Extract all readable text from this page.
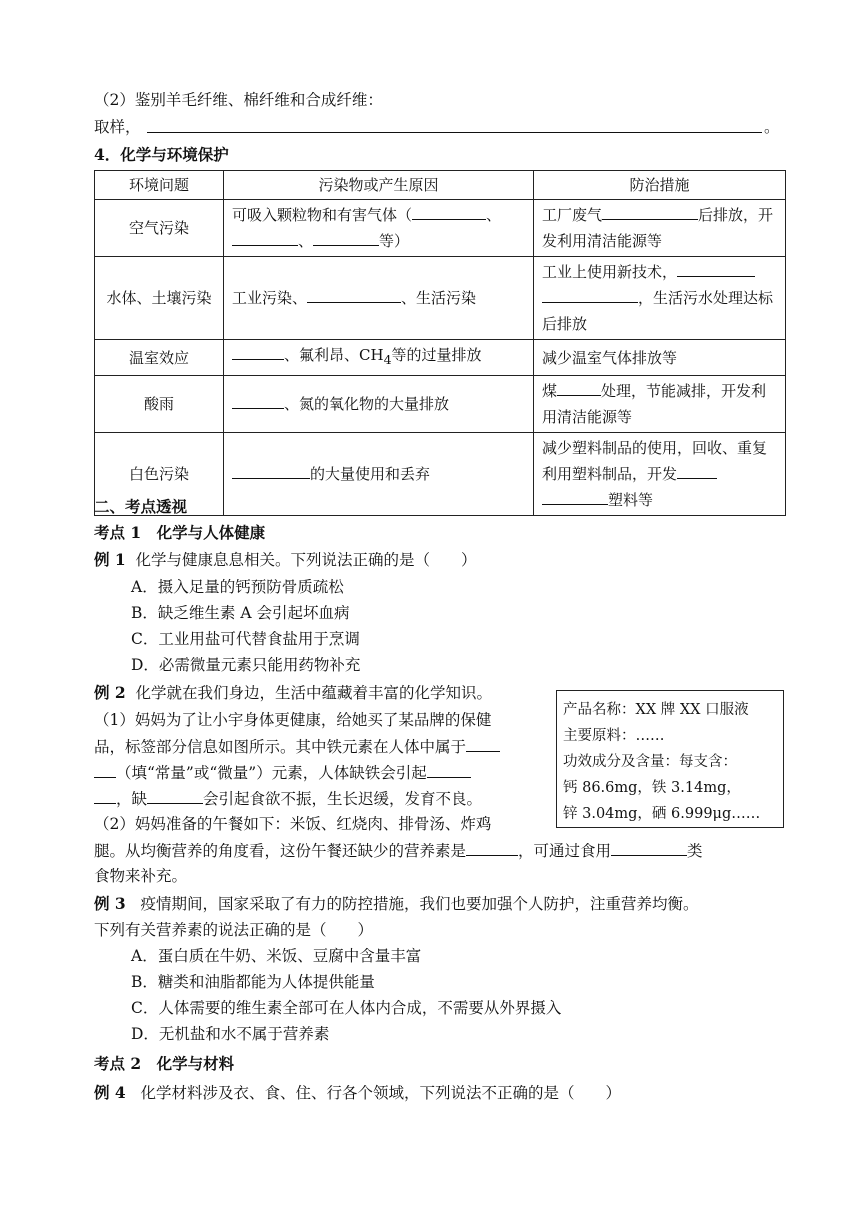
（2）鉴别羊毛纤维、棉纤维和合成纤维：
取样，	。
4．化学与环境保护
环境问题	污染物或产生原因	防治措施
空气污染	可吸入颗粒物和有害气体（ 、
、 等）	工厂废气 后排放，开发利用清洁能源等
水体、土壤污染	工业污染、 、生活污染	工业上使用新技术，
，生活污水处理达标后排放
温室效应	、氟利昂、$CH_4$等的过量排放	减少温室气体排放等
酸雨	、氮的氧化物的大量排放	煤 处理，节能减排，开发利用清洁能源等
白色污染	的大量使用和丢弃	减少塑料制品的使用，回收、重复利用塑料制品，开发塑料等
二、考点透视
考点 1　化学与人体健康
例 1 化学与健康息息相关。下列说法正确的是（　　）
A．摄入足量的钙预防骨质疏松
B．缺乏维生素 A 会引起坏血病
C．工业用盐可代替食盐用于烹调
D．必需微量元素只能用药物补充
例 2 化学就在我们身边，生活中蕴藏着丰富的化学知识。
（1）妈妈为了让小宇身体更健康，给她买了某品牌的保健
品，标签部分信息如图所示。其中铁元素在人体中属于
（填“常量”或“微量”）元素，人体缺铁会引起
，缺	会引起食欲不振，生长迟缓，发育不良。
（2）妈妈准备的午餐如下：米饭、红烧肉、排骨汤、炸鸡
腿。从均衡营养的角度看，这份午餐还缺少的营养素是	，可通过食用	类
食物来补充。
产品名称：XX 牌 XX 口服液
主要原料：……
功效成分及含量：每支含：
钙 86.6mg，铁 3.14mg，
锌 3.04mg，硒 6.999μg……
例 3 疫情期间，国家采取了有力的防控措施，我们也要加强个人防护，注重营养均衡。
下列有关营养素的说法正确的是（　　）
A．蛋白质在牛奶、米饭、豆腐中含量丰富
B．糖类和油脂都能为人体提供能量
C．人体需要的维生素全部可在人体内合成，不需要从外界摄入
D．无机盐和水不属于营养素
考点 2　化学与材料
例 4 化学材料涉及衣、食、住、行各个领域，下列说法不正确的是（　　）
